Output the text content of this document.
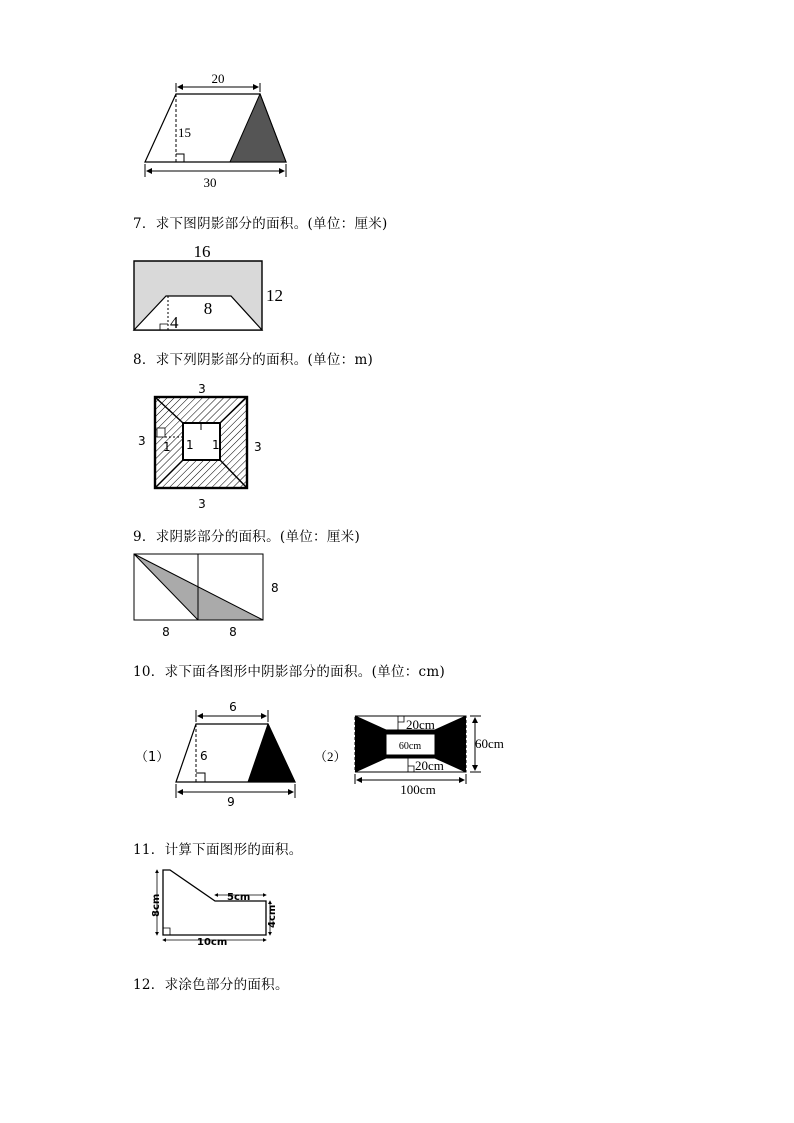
20
15
30
7．求下图阴影部分的面积。(单位：厘米)
16
12
8
4
8．求下列阴影部分的面积。(单位：m)
3
3	3
3
1 1 1
9．求阴影部分的面积。(单位：厘米)
8
8	8
10．求下面各图形中阴影部分的面积。(单位：cm)
（1）
6
6
9
（2）
20cm
60cm
20cm
60cm
100cm
11．计算下面图形的面积。
8cm	5cm
4cm
10cm
12．求涂色部分的面积。
